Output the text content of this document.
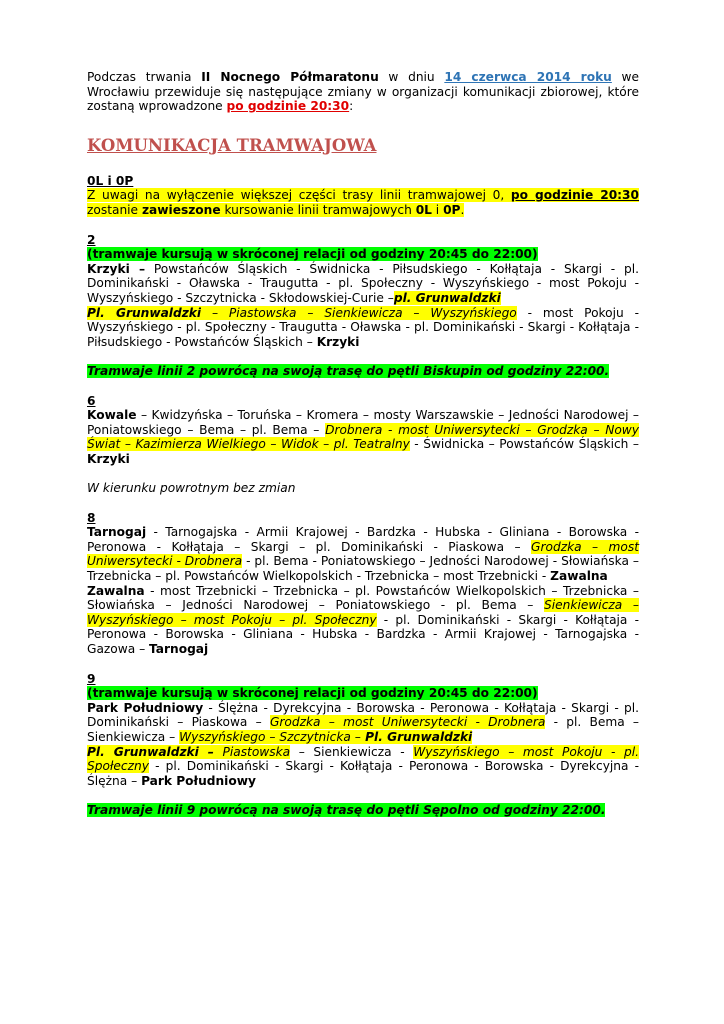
Podczas trwania II Nocnego Półmaratonu w dniu 14 czerwca 2014 roku we Wrocławiu przewiduje się następujące zmiany w organizacji komunikacji zbiorowej, które zostaną wprowadzone po godzinie 20:30:

KOMUNIKACJA TRAMWAJOWA

0L i 0P

Z uwagi na wyłączenie większej części trasy linii tramwajowej 0, po godzinie 20:30 zostanie zawieszone kursowanie linii tramwajowych 0L i 0P.

2

(tramwaje kursują w skróconej relacji od godziny 20:45 do 22:00)

Krzyki – Powstańców Śląskich - Świdnicka - Piłsudskiego - Kołłątaja - Skargi - pl. Dominikański - Oławska - Traugutta - pl. Społeczny - Wyszyńskiego - most Pokoju - Wyszyńskiego - Szczytnicka - Skłodowskiej-Curie –pl. Grunwaldzki

Pl. Grunwaldzki – Piastowska – Sienkiewicza – Wyszyńskiego - most Pokoju - Wyszyńskiego - pl. Społeczny - Traugutta - Oławska - pl. Dominikański - Skargi - Kołłątaja - Piłsudskiego - Powstańców Śląskich – Krzyki

Tramwaje linii 2 powrócą na swoją trasę do pętli Biskupin od godziny 22:00.

6

Kowale – Kwidzyńska – Toruńska – Kromera – mosty Warszawskie – Jedności Narodowej – Poniatowskiego – Bema – pl. Bema – Drobnera - most Uniwersytecki – Grodzka – Nowy Świat – Kazimierza Wielkiego – Widok – pl. Teatralny - Świdnicka – Powstańców Śląskich – Krzyki

W kierunku powrotnym bez zmian

8

Tarnogaj - Tarnogajska - Armii Krajowej - Bardzka - Hubska - Gliniana - Borowska - Peronowa - Kołłątaja – Skargi – pl. Dominikański - Piaskowa – Grodzka – most Uniwersytecki - Drobnera - pl. Bema - Poniatowskiego – Jedności Narodowej - Słowiańska – Trzebnicka – pl. Powstańców Wielkopolskich - Trzebnicka – most Trzebnicki - Zawalna

Zawalna - most Trzebnicki – Trzebnicka – pl. Powstańców Wielkopolskich – Trzebnicka – Słowiańska – Jedności Narodowej – Poniatowskiego - pl. Bema – Sienkiewicza – Wyszyńskiego – most Pokoju – pl. Społeczny - pl. Dominikański - Skargi - Kołłątaja - Peronowa - Borowska - Gliniana - Hubska - Bardzka - Armii Krajowej - Tarnogajska - Gazowa – Tarnogaj

9

(tramwaje kursują w skróconej relacji od godziny 20:45 do 22:00)

Park Południowy - Ślężna - Dyrekcyjna - Borowska - Peronowa - Kołłątaja - Skargi - pl. Dominikański – Piaskowa – Grodzka – most Uniwersytecki - Drobnera - pl. Bema – Sienkiewicza – Wyszyńskiego – Szczytnicka – Pl. Grunwaldzki

Pl. Grunwaldzki – Piastowska – Sienkiewicza - Wyszyńskiego – most Pokoju - pl. Społeczny - pl. Dominikański - Skargi - Kołłątaja - Peronowa - Borowska - Dyrekcyjna - Ślężna – Park Południowy

Tramwaje linii 9 powrócą na swoją trasę do pętli Sępolno od godziny 22:00.
